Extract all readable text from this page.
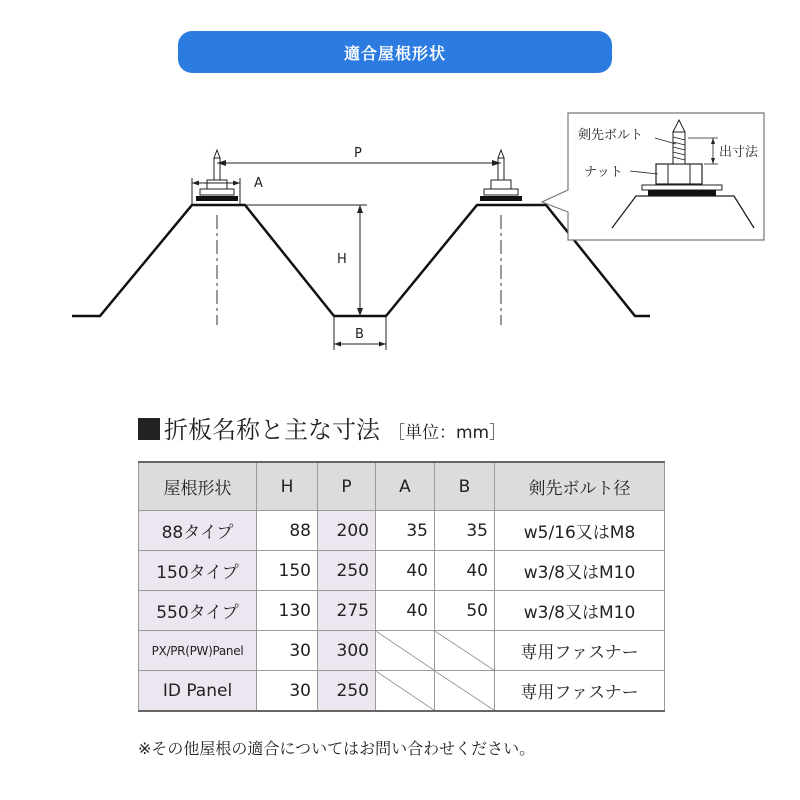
適合屋根形状
P
A
H
B
剣先ボルト
ナット
出寸法
折板名称と主な寸法 ［単位：mm］
屋根形状	H	P	A	B	剣先ボルト径
88タイプ	88	200	35	35	w5/16又はM8
150タイプ	150	250	40	40	w3/8又はM10
550タイプ	130	275	40	50	w3/8又はM10
PX/PR(PW)Panel	30	300			専用ファスナー
ID Panel	30	250			専用ファスナー
※その他屋根の適合についてはお問い合わせください。
